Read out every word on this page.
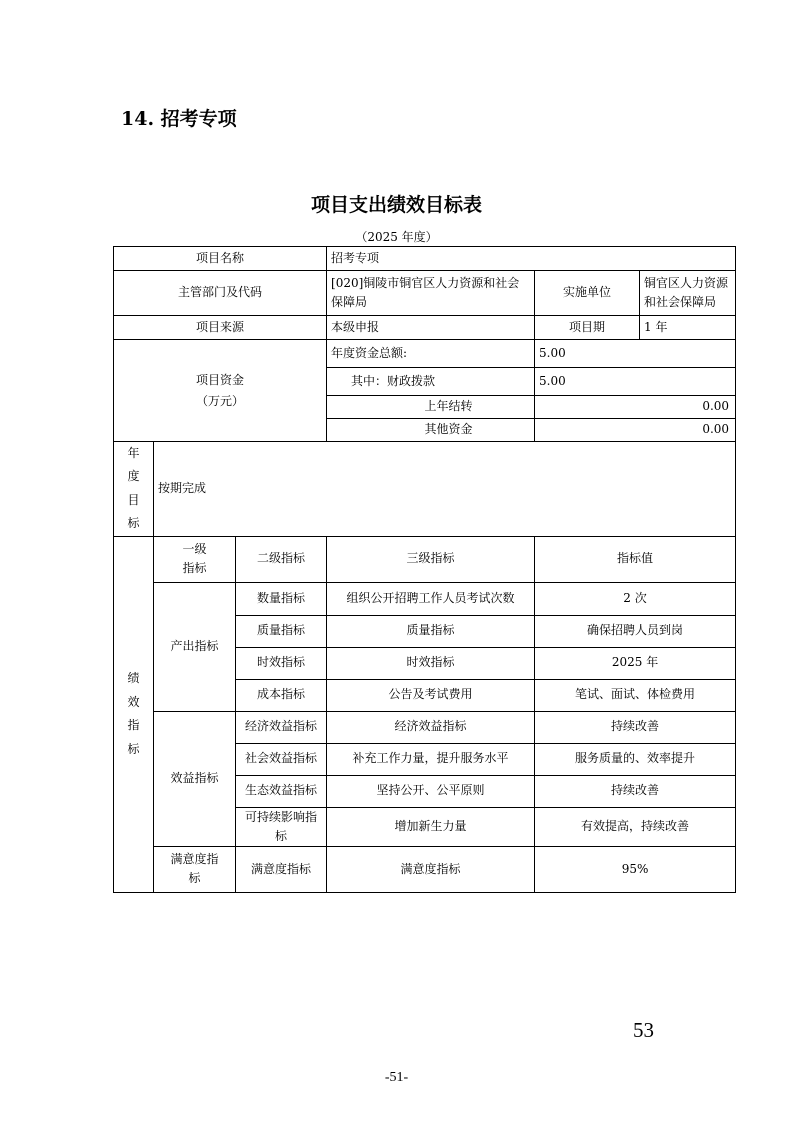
14. 招考专项
项目支出绩效目标表
（2025 年度）
项目名称			招考专项			
主管部门及代码			[020]铜陵市铜官区人力资源和社会保障局		实施单位	铜官区人力资源和社会保障局
项目来源			本级申报		项目期	1 年
项目资金（万元）			年度资金总额:		5.00	
			其中：财政拨款		5.00	
			上年结转		0.00	
			其他资金		0.00	
年度目标	按期完成					
绩效指标	一级指标	二级指标	三级指标		指标值	
	产出指标	数量指标	组织公开招聘工作人员考试次数		2 次	
		质量指标	质量指标		确保招聘人员到岗	
		时效指标	时效指标		2025 年	
		成本指标	公告及考试费用		笔试、面试、体检费用	
	效益指标	经济效益指标	经济效益指标		持续改善	
		社会效益指标	补充工作力量，提升服务水平		服务质量的、效率提升	
		生态效益指标	坚持公开、公平原则		持续改善	
		可持续影响指标	增加新生力量		有效提高，持续改善	
	满意度指标	满意度指标	满意度指标		95%	
53
-51-
